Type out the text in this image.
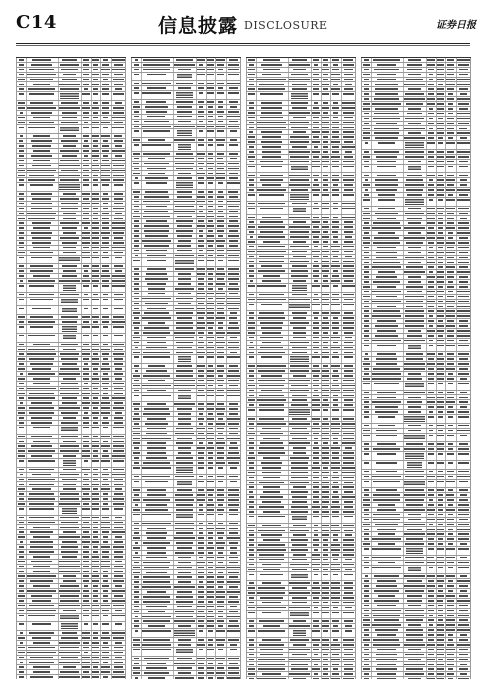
C14	信息披露 DISCLOSURE	证券日报
